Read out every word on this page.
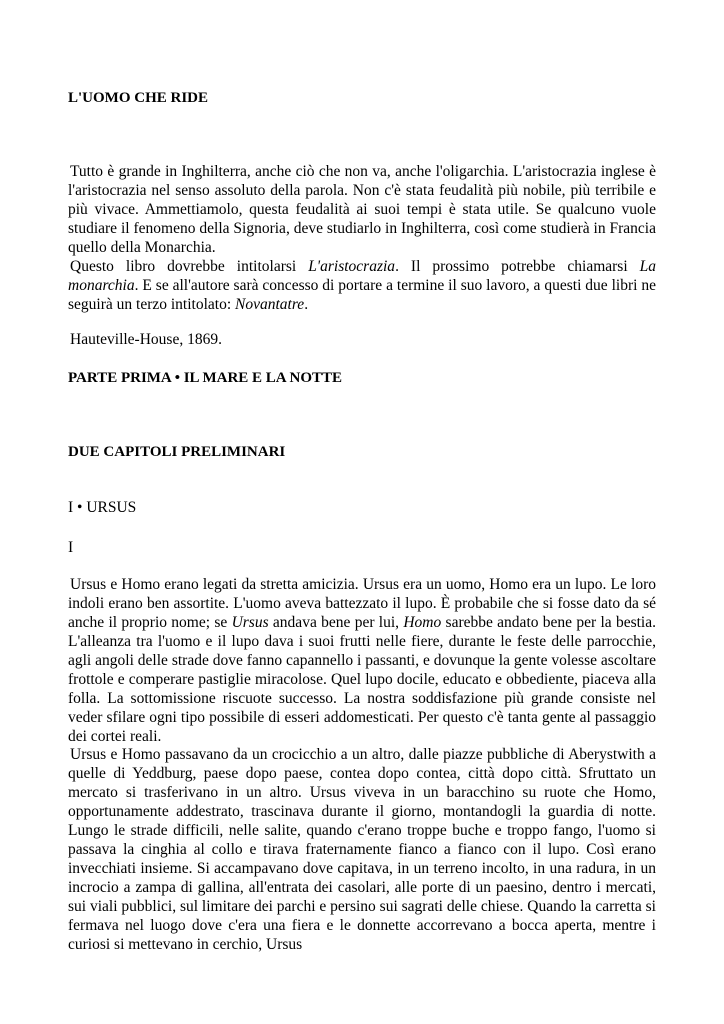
L'UOMO CHE RIDE

Tutto è grande in Inghilterra, anche ciò che non va, anche l'oligarchia. L'aristocrazia inglese è l'aristocrazia nel senso assoluto della parola. Non c'è stata feudalità più nobile, più terribile e più vivace. Ammettiamolo, questa feudalità ai suoi tempi è stata utile. Se qualcuno vuole studiare il fenomeno della Signoria, deve studiarlo in Inghilterra, così come studierà in Francia quello della Monarchia.

Questo libro dovrebbe intitolarsi L'aristocrazia. Il prossimo potrebbe chiamarsi La monarchia. E se all'autore sarà concesso di portare a termine il suo lavoro, a questi due libri ne seguirà un terzo intitolato: Novantatre.

Hauteville-House, 1869.
PARTE PRIMA • IL MARE E LA NOTTE
DUE CAPITOLI PRELIMINARI
I • URSUS
I

Ursus e Homo erano legati da stretta amicizia. Ursus era un uomo, Homo era un lupo. Le loro indoli erano ben assortite. L'uomo aveva battezzato il lupo. È probabile che si fosse dato da sé anche il proprio nome; se Ursus andava bene per lui, Homo sarebbe andato bene per la bestia. L'alleanza tra l'uomo e il lupo dava i suoi frutti nelle fiere, durante le feste delle parrocchie, agli angoli delle strade dove fanno capannello i passanti, e dovunque la gente volesse ascoltare frottole e comperare pastiglie miracolose. Quel lupo docile, educato e obbediente, piaceva alla folla. La sottomissione riscuote successo. La nostra soddisfazione più grande consiste nel veder sfilare ogni tipo possibile di esseri addomesticati. Per questo c'è tanta gente al passaggio dei cortei reali.

Ursus e Homo passavano da un crocicchio a un altro, dalle piazze pubbliche di Aberystwith a quelle di Yeddburg, paese dopo paese, contea dopo contea, città dopo città. Sfruttato un mercato si trasferivano in un altro. Ursus viveva in un baracchino su ruote che Homo, opportunamente addestrato, trascinava durante il giorno, montandogli la guardia di notte. Lungo le strade difficili, nelle salite, quando c'erano troppe buche e troppo fango, l'uomo si passava la cinghia al collo e tirava fraternamente fianco a fianco con il lupo. Così erano invecchiati insieme. Si accampavano dove capitava, in un terreno incolto, in una radura, in un incrocio a zampa di gallina, all'entrata dei casolari, alle porte di un paesino, dentro i mercati, sui viali pubblici, sul limitare dei parchi e persino sui sagrati delle chiese. Quando la carretta si fermava nel luogo dove c'era una fiera e le donnette accorrevano a bocca aperta, mentre i curiosi si mettevano in cerchio, Ursus
